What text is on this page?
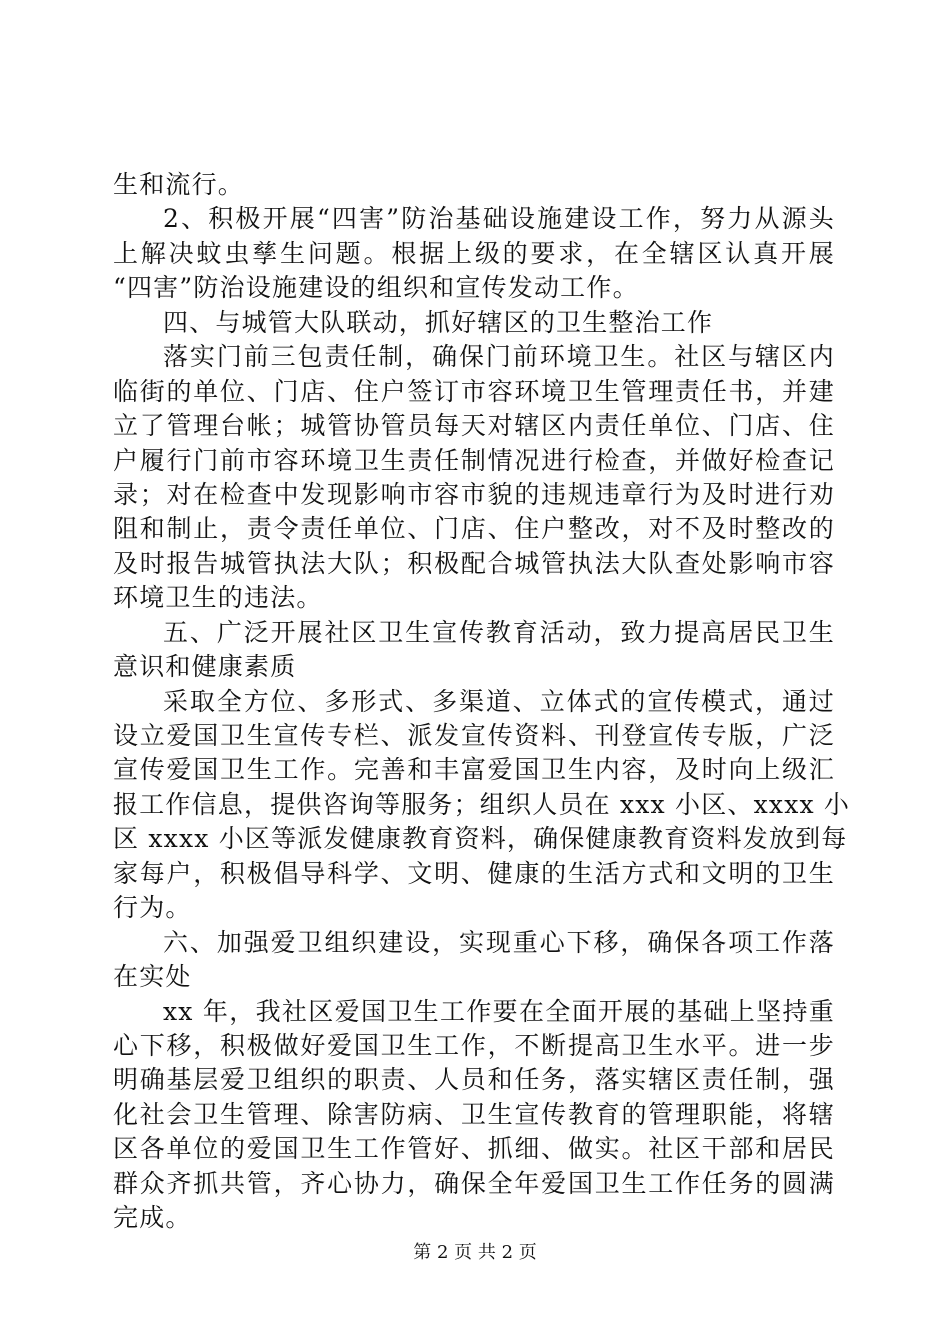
生和流行。
2、积极开展“四害”防治基础设施建设工作，努力从源头
上解决蚊虫孳生问题。根据上级的要求，在全辖区认真开展
“四害”防治设施建设的组织和宣传发动工作。
四、与城管大队联动，抓好辖区的卫生整治工作
落实门前三包责任制，确保门前环境卫生。社区与辖区内
临街的单位、门店、住户签订市容环境卫生管理责任书，并建
立了管理台帐；城管协管员每天对辖区内责任单位、门店、住
户履行门前市容环境卫生责任制情况进行检查，并做好检查记
录；对在检查中发现影响市容市貌的违规违章行为及时进行劝
阻和制止，责令责任单位、门店、住户整改，对不及时整改的
及时报告城管执法大队；积极配合城管执法大队查处影响市容
环境卫生的违法。
五、广泛开展社区卫生宣传教育活动，致力提高居民卫生
意识和健康素质
采取全方位、多形式、多渠道、立体式的宣传模式，通过
设立爱国卫生宣传专栏、派发宣传资料、刊登宣传专版，广泛
宣传爱国卫生工作。完善和丰富爱国卫生内容，及时向上级汇
报工作信息，提供咨询等服务；组织人员在 xxx 小区、xxxx 小
区 xxxx 小区等派发健康教育资料，确保健康教育资料发放到每
家每户，积极倡导科学、文明、健康的生活方式和文明的卫生
行为。
六、加强爱卫组织建设，实现重心下移，确保各项工作落
在实处
xx 年，我社区爱国卫生工作要在全面开展的基础上坚持重
心下移，积极做好爱国卫生工作，不断提高卫生水平。进一步
明确基层爱卫组织的职责、人员和任务，落实辖区责任制，强
化社会卫生管理、除害防病、卫生宣传教育的管理职能，将辖
区各单位的爱国卫生工作管好、抓细、做实。社区干部和居民
群众齐抓共管，齐心协力，确保全年爱国卫生工作任务的圆满
完成。
第 2 页 共 2 页
